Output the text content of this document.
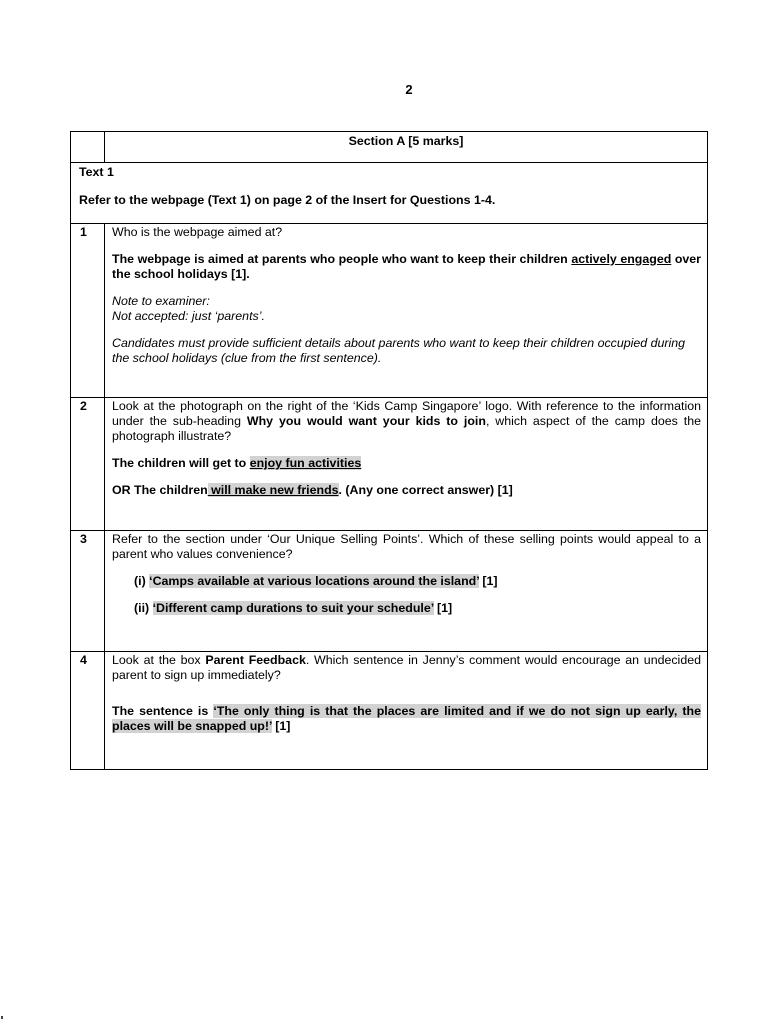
2
	Section A [5 marks]

Text 1

Refer to the webpage (Text 1) on page 2 of the Insert for Questions 1-4.	

1	Who is the webpage aimed at?

The webpage is aimed at parents who people who want to keep their children actively engaged over the school holidays [1].

Note to examiner:

Not accepted: just ‘parents’.

Candidates must provide sufficient details about parents who want to keep their children occupied during the school holidays (clue from the first sentence).

2	Look at the photograph on the right of the ‘Kids Camp Singapore’ logo. With reference to the information under the sub-heading Why you would want your kids to join, which aspect of the camp does the photograph illustrate?

The children will get to enjoy fun activities

OR The children will make new friends. (Any one correct answer) [1]

3	Refer to the section under ‘Our Unique Selling Points’. Which of these selling points would appeal to a parent who values convenience?

(i) ‘Camps available at various locations around the island’ [1]

(ii) ‘Different camp durations to suit your schedule’ [1]

4	Look at the box Parent Feedback. Which sentence in Jenny’s comment would encourage an undecided parent to sign up immediately?

The sentence is ‘The only thing is that the places are limited and if we do not sign up early, the places will be snapped up!’ [1]
